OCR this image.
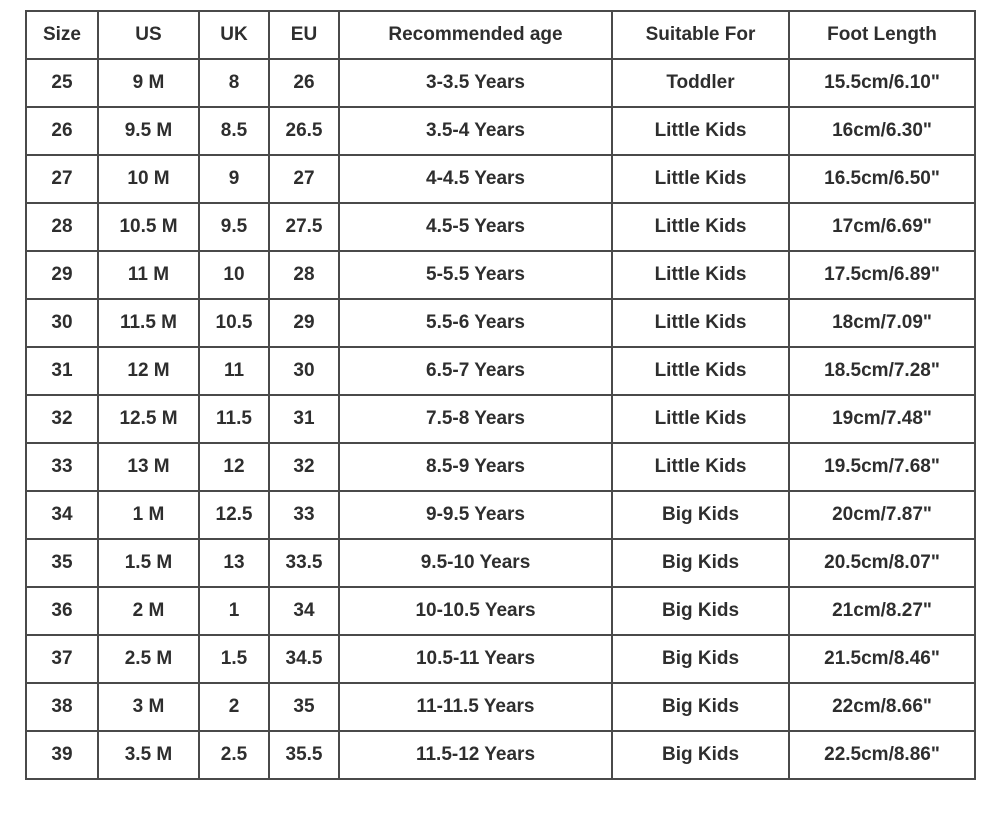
Size	US	UK	EU	Recommended age	Suitable For	Foot Length
25	9 M	8	26	3-3.5 Years	Toddler	15.5cm/6.10"
26	9.5 M	8.5	26.5	3.5-4 Years	Little Kids	16cm/6.30"
27	10 M	9	27	4-4.5 Years	Little Kids	16.5cm/6.50"
28	10.5 M	9.5	27.5	4.5-5 Years	Little Kids	17cm/6.69"
29	11 M	10	28	5-5.5 Years	Little Kids	17.5cm/6.89"
30	11.5 M	10.5	29	5.5-6 Years	Little Kids	18cm/7.09"
31	12 M	11	30	6.5-7 Years	Little Kids	18.5cm/7.28"
32	12.5 M	11.5	31	7.5-8 Years	Little Kids	19cm/7.48"
33	13 M	12	32	8.5-9 Years	Little Kids	19.5cm/7.68"
34	1 M	12.5	33	9-9.5 Years	Big Kids	20cm/7.87"
35	1.5 M	13	33.5	9.5-10 Years	Big Kids	20.5cm/8.07"
36	2 M	1	34	10-10.5 Years	Big Kids	21cm/8.27"
37	2.5 M	1.5	34.5	10.5-11 Years	Big Kids	21.5cm/8.46"
38	3 M	2	35	11-11.5 Years	Big Kids	22cm/8.66"
39	3.5 M	2.5	35.5	11.5-12 Years	Big Kids	22.5cm/8.86"
